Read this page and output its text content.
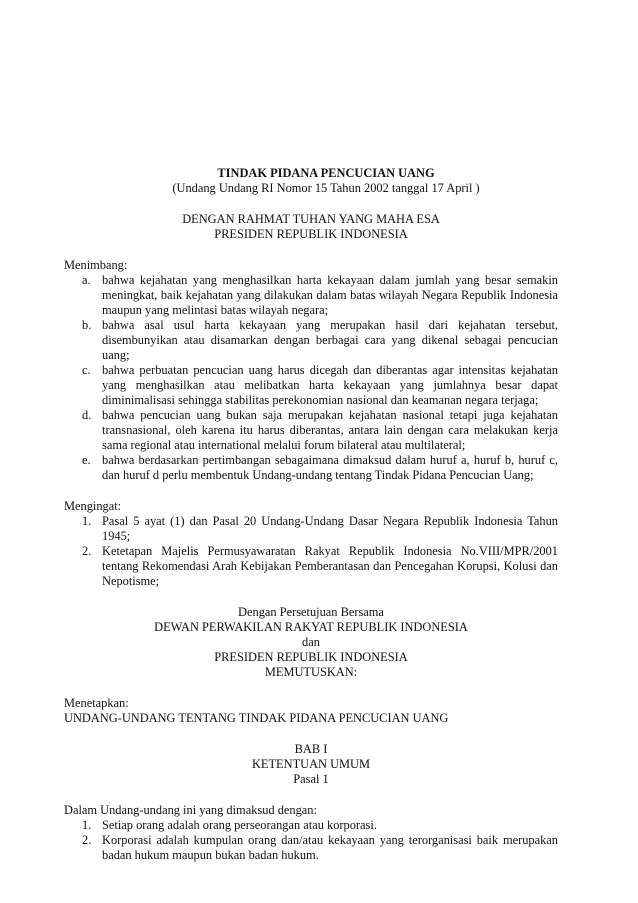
TINDAK PIDANA PENCUCIAN UANG

(Undang Undang RI Nomor 15 Tahun 2002 tanggal 17 April )

DENGAN RAHMAT TUHAN YANG MAHA ESA

PRESIDEN REPUBLIK INDONESIA

Menimbang:
a. bahwa kejahatan yang menghasilkan harta kekayaan dalam jumlah yang besar semakin meningkat, baik kejahatan yang dilakukan dalam batas wilayah Negara Republik Indonesia maupun yang melintasi batas wilayah negara;
b. bahwa asal usul harta kekayaan yang merupakan hasil dari kejahatan tersebut, disembunyikan atau disamarkan dengan berbagai cara yang dikenal sebagai pencucian uang;
c. bahwa perbuatan pencucian uang harus dicegah dan diberantas agar intensitas kejahatan yang menghasilkan atau melibatkan harta kekayaan yang jumlahnya besar dapat diminimalisasi sehingga stabilitas perekonomian nasional dan keamanan negara terjaga;
d. bahwa pencucian uang bukan saja merupakan kejahatan nasional tetapi juga kejahatan transnasional, oleh karena itu harus diberantas, antara lain dengan cara melakukan kerja sama regional atau international melalui forum bilateral atau multilateral;
e. bahwa berdasarkan pertimbangan sebagaimana dimaksud dalam huruf a, huruf b, huruf c, dan huruf d perlu membentuk Undang-undang tentang Tindak Pidana Pencucian Uang;
Mengingat:
1. Pasal 5 ayat (1) dan Pasal 20 Undang-Undang Dasar Negara Republik Indonesia Tahun 1945;
2. Ketetapan Majelis Permusyawaratan Rakyat Republik Indonesia No.VIII/MPR/2001 tentang Rekomendasi Arah Kebijakan Pemberantasan dan Pencegahan Korupsi, Kolusi dan Nepotisme;

Dengan Persetujuan Bersama

DEWAN PERWAKILAN RAKYAT REPUBLIK INDONESIA

dan

PRESIDEN REPUBLIK INDONESIA

MEMUTUSKAN:

Menetapkan:
UNDANG-UNDANG TENTANG TINDAK PIDANA PENCUCIAN UANG

BAB I

KETENTUAN UMUM

Pasal 1

Dalam Undang-undang ini yang dimaksud dengan:
1. Setiap orang adalah orang perseorangan atau korporasi.
2. Korporasi adalah kumpulan orang dan/atau kekayaan yang terorganisasi baik merupakan badan hukum maupun bukan badan hukum.
